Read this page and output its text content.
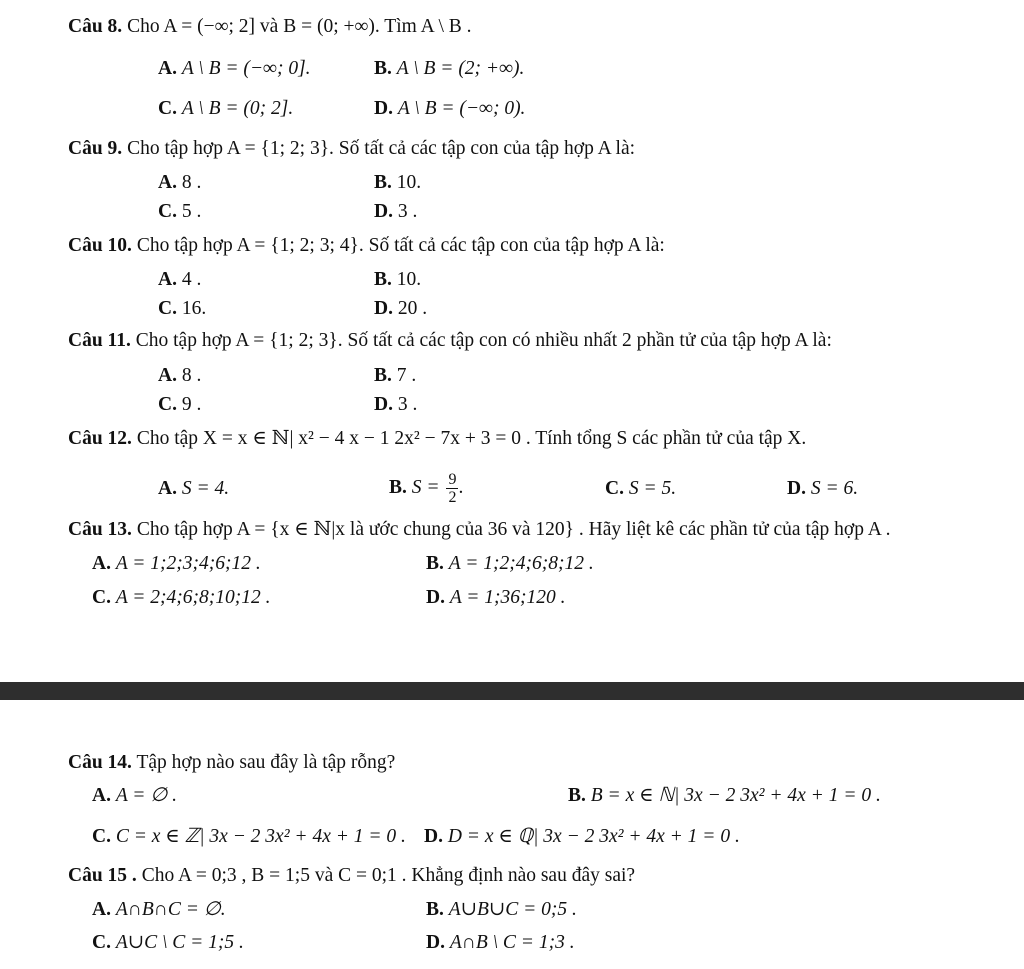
Câu 8. Cho A = (−∞; 2] và B = (0; +∞). Tìm A \ B .
A. A \ B = (−∞; 0].	B. A \ B = (2; +∞).
C. A \ B = (0; 2].	D. A \ B = (−∞; 0).
Câu 9. Cho tập hợp A = {1; 2; 3}. Số tất cả các tập con của tập hợp A là:
A. 8 .	B. 10.
C. 5 .	D. 3 .
Câu 10. Cho tập hợp A = {1; 2; 3; 4}. Số tất cả các tập con của tập hợp A là:
A. 4 .	B. 10.
C. 16.	D. 20 .
Câu 11. Cho tập hợp A = {1; 2; 3}. Số tất cả các tập con có nhiều nhất 2 phần tử của tập hợp A là:
A. 8 .	B. 7 .
C. 9 .	D. 3 .
Câu 12. Cho tập X = x ∈ ℕ| x² − 4 x − 1 2x² − 7x + 3 = 0 . Tính tổng S các phần tử của tập X.
A. S = 4.	B. $S = \frac{9}{2}$ .	C. S = 5.	D. S = 6.
Câu 13. Cho tập hợp A = {x ∈ ℕ|x là ước chung của 36 và 120} . Hãy liệt kê các phần tử của tập hợp A .
A. A = 1;2;3;4;6;12 .	B. A = 1;2;4;6;8;12 .
C. A = 2;4;6;8;10;12 .	D. A = 1;36;120 .
Câu 14. Tập hợp nào sau đây là tập rỗng?
A. A = ∅ .	B. B = x ∈ ℕ| 3x − 2 3x² + 4x + 1 = 0 .
C. C = x ∈ ℤ| 3x − 2 3x² + 4x + 1 = 0 . D. D = x ∈ ℚ| 3x − 2 3x² + 4x + 1 = 0 .
Câu 15 . Cho A = 0;3 , B = 1;5 và C = 0;1 . Khẳng định nào sau đây sai?
A. A∩B∩C = ∅.	B. A∪B∪C = 0;5 .
C. A∪C \ C = 1;5 .	D. A∩B \ C = 1;3 .
